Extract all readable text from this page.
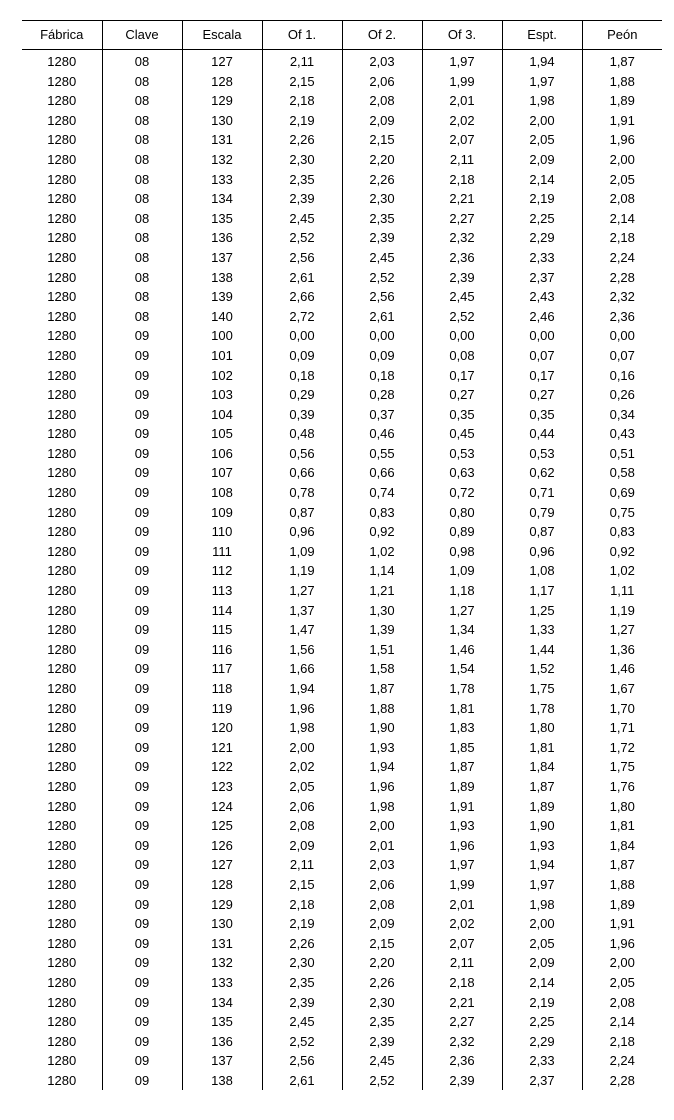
Fábrica	Clave	Escala	Of 1.	Of 2.	Of 3.	Espt.	Peón
1280	08	127	2,11	2,03	1,97	1,94	1,87
1280	08	128	2,15	2,06	1,99	1,97	1,88
1280	08	129	2,18	2,08	2,01	1,98	1,89
1280	08	130	2,19	2,09	2,02	2,00	1,91
1280	08	131	2,26	2,15	2,07	2,05	1,96
1280	08	132	2,30	2,20	2,11	2,09	2,00
1280	08	133	2,35	2,26	2,18	2,14	2,05
1280	08	134	2,39	2,30	2,21	2,19	2,08
1280	08	135	2,45	2,35	2,27	2,25	2,14
1280	08	136	2,52	2,39	2,32	2,29	2,18
1280	08	137	2,56	2,45	2,36	2,33	2,24
1280	08	138	2,61	2,52	2,39	2,37	2,28
1280	08	139	2,66	2,56	2,45	2,43	2,32
1280	08	140	2,72	2,61	2,52	2,46	2,36
1280	09	100	0,00	0,00	0,00	0,00	0,00
1280	09	101	0,09	0,09	0,08	0,07	0,07
1280	09	102	0,18	0,18	0,17	0,17	0,16
1280	09	103	0,29	0,28	0,27	0,27	0,26
1280	09	104	0,39	0,37	0,35	0,35	0,34
1280	09	105	0,48	0,46	0,45	0,44	0,43
1280	09	106	0,56	0,55	0,53	0,53	0,51
1280	09	107	0,66	0,66	0,63	0,62	0,58
1280	09	108	0,78	0,74	0,72	0,71	0,69
1280	09	109	0,87	0,83	0,80	0,79	0,75
1280	09	110	0,96	0,92	0,89	0,87	0,83
1280	09	111	1,09	1,02	0,98	0,96	0,92
1280	09	112	1,19	1,14	1,09	1,08	1,02
1280	09	113	1,27	1,21	1,18	1,17	1,11
1280	09	114	1,37	1,30	1,27	1,25	1,19
1280	09	115	1,47	1,39	1,34	1,33	1,27
1280	09	116	1,56	1,51	1,46	1,44	1,36
1280	09	117	1,66	1,58	1,54	1,52	1,46
1280	09	118	1,94	1,87	1,78	1,75	1,67
1280	09	119	1,96	1,88	1,81	1,78	1,70
1280	09	120	1,98	1,90	1,83	1,80	1,71
1280	09	121	2,00	1,93	1,85	1,81	1,72
1280	09	122	2,02	1,94	1,87	1,84	1,75
1280	09	123	2,05	1,96	1,89	1,87	1,76
1280	09	124	2,06	1,98	1,91	1,89	1,80
1280	09	125	2,08	2,00	1,93	1,90	1,81
1280	09	126	2,09	2,01	1,96	1,93	1,84
1280	09	127	2,11	2,03	1,97	1,94	1,87
1280	09	128	2,15	2,06	1,99	1,97	1,88
1280	09	129	2,18	2,08	2,01	1,98	1,89
1280	09	130	2,19	2,09	2,02	2,00	1,91
1280	09	131	2,26	2,15	2,07	2,05	1,96
1280	09	132	2,30	2,20	2,11	2,09	2,00
1280	09	133	2,35	2,26	2,18	2,14	2,05
1280	09	134	2,39	2,30	2,21	2,19	2,08
1280	09	135	2,45	2,35	2,27	2,25	2,14
1280	09	136	2,52	2,39	2,32	2,29	2,18
1280	09	137	2,56	2,45	2,36	2,33	2,24
1280	09	138	2,61	2,52	2,39	2,37	2,28
